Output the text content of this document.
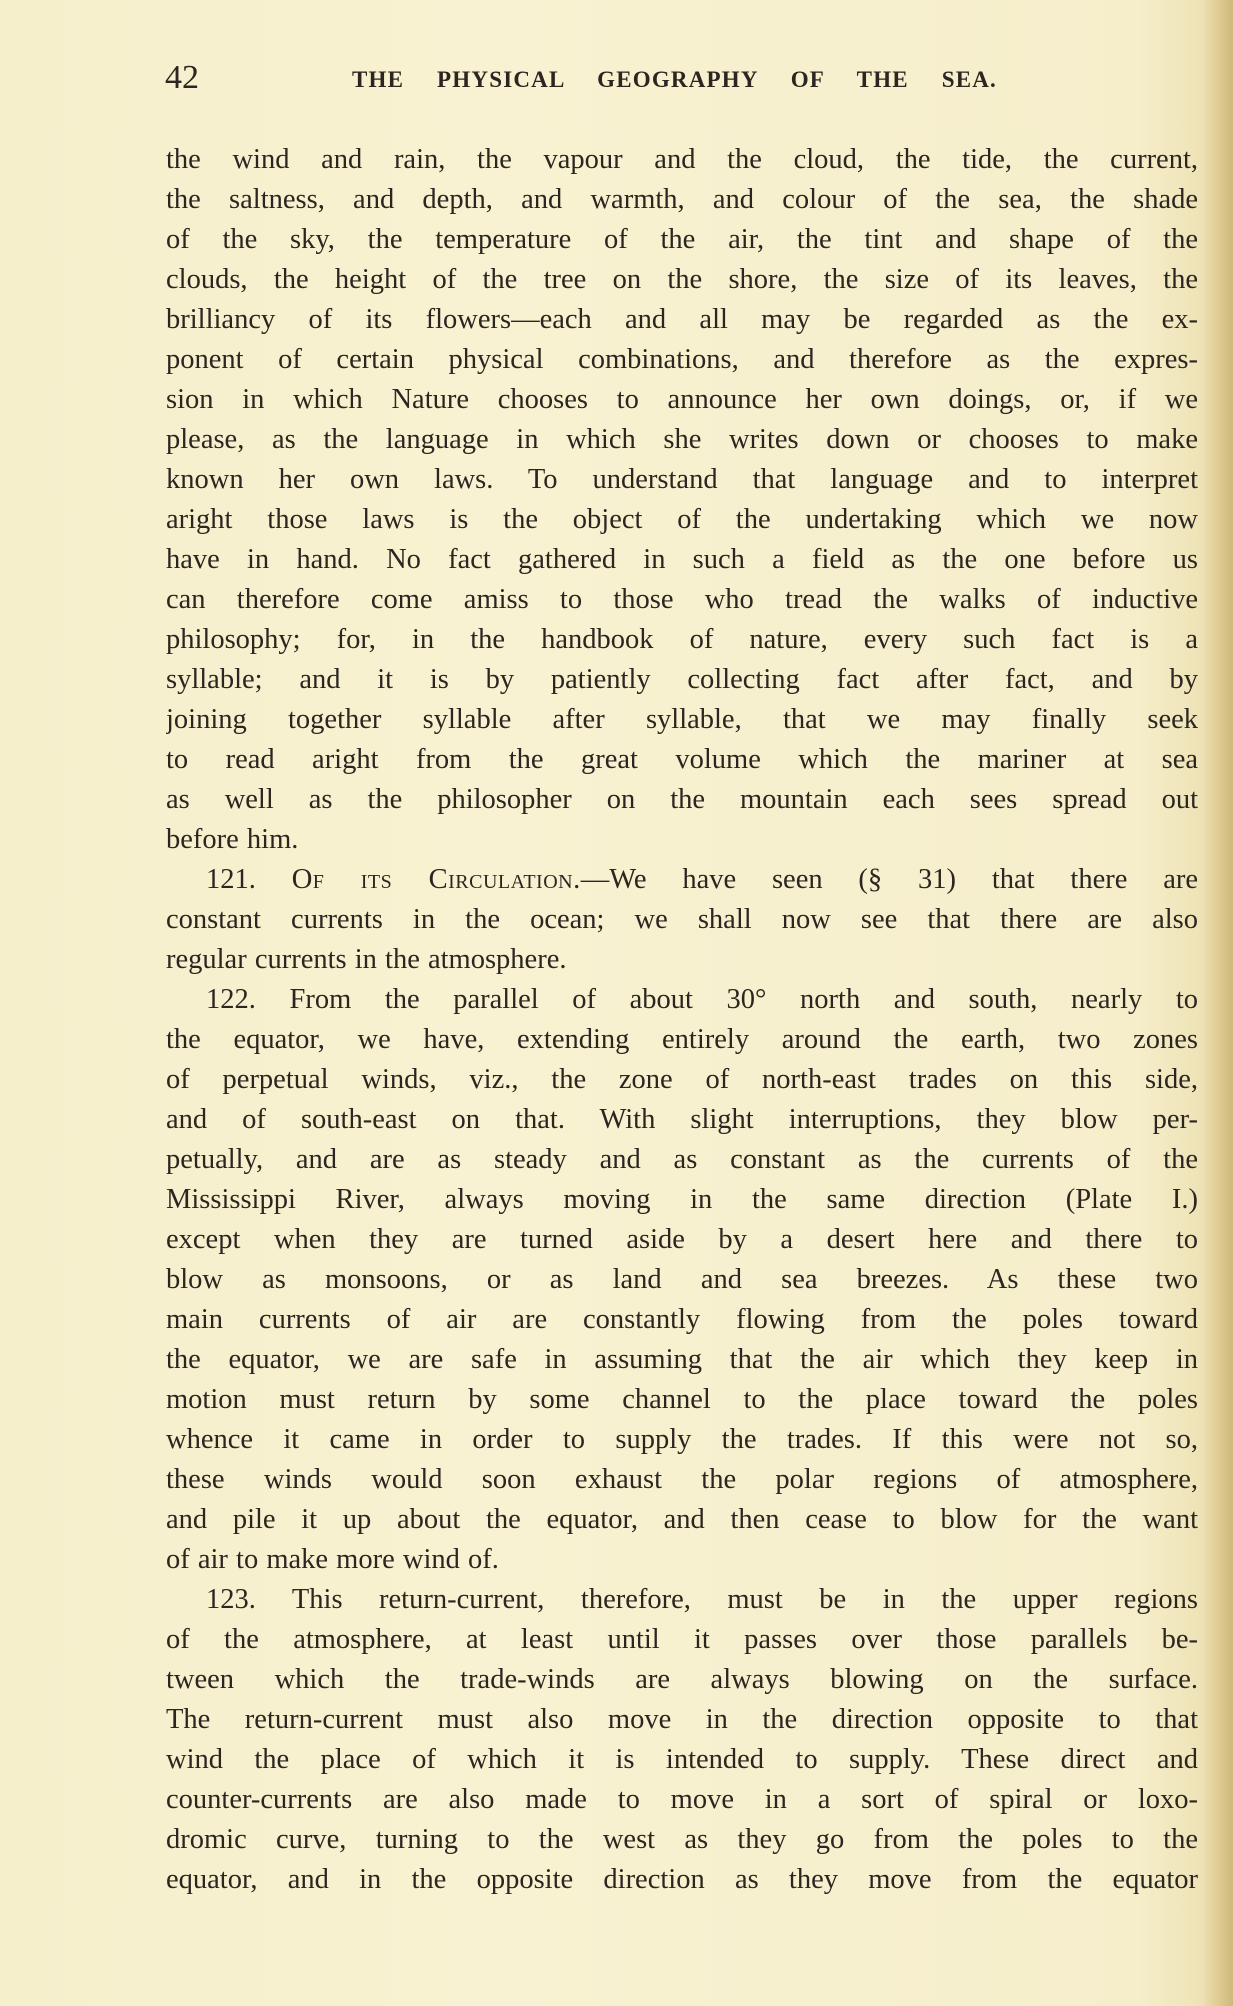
42	THE PHYSICAL GEOGRAPHY OF THE SEA.
the wind and rain, the vapour and the cloud, the tide, the current,
the saltness, and depth, and warmth, and colour of the sea, the shade
of the sky, the temperature of the air, the tint and shape of the
clouds, the height of the tree on the shore, the size of its leaves, the
brilliancy of its flowers—each and all may be regarded as the ex-
ponent of certain physical combinations, and therefore as the expres-
sion in which Nature chooses to announce her own doings, or, if we
please, as the language in which she writes down or chooses to make
known her own laws. To understand that language and to interpret
aright those laws is the object of the undertaking which we now
have in hand. No fact gathered in such a field as the one before us
can therefore come amiss to those who tread the walks of inductive
philosophy; for, in the handbook of nature, every such fact is a
syllable; and it is by patiently collecting fact after fact, and by
joining together syllable after syllable, that we may finally seek
to read aright from the great volume which the mariner at sea
as well as the philosopher on the mountain each sees spread out
before him.
121. Of its Circulation.—We have seen (§ 31) that there are
constant currents in the ocean; we shall now see that there are also
regular currents in the atmosphere.
122. From the parallel of about 30° north and south, nearly to
the equator, we have, extending entirely around the earth, two zones
of perpetual winds, viz., the zone of north-east trades on this side,
and of south-east on that. With slight interruptions, they blow per-
petually, and are as steady and as constant as the currents of the
Mississippi River, always moving in the same direction (Plate I.)
except when they are turned aside by a desert here and there to
blow as monsoons, or as land and sea breezes. As these two
main currents of air are constantly flowing from the poles toward
the equator, we are safe in assuming that the air which they keep in
motion must return by some channel to the place toward the poles
whence it came in order to supply the trades. If this were not so,
these winds would soon exhaust the polar regions of atmosphere,
and pile it up about the equator, and then cease to blow for the want
of air to make more wind of.
123. This return-current, therefore, must be in the upper regions
of the atmosphere, at least until it passes over those parallels be-
tween which the trade-winds are always blowing on the surface.
The return-current must also move in the direction opposite to that
wind the place of which it is intended to supply. These direct and
counter-currents are also made to move in a sort of spiral or loxo-
dromic curve, turning to the west as they go from the poles to the
equator, and in the opposite direction as they move from the equator
